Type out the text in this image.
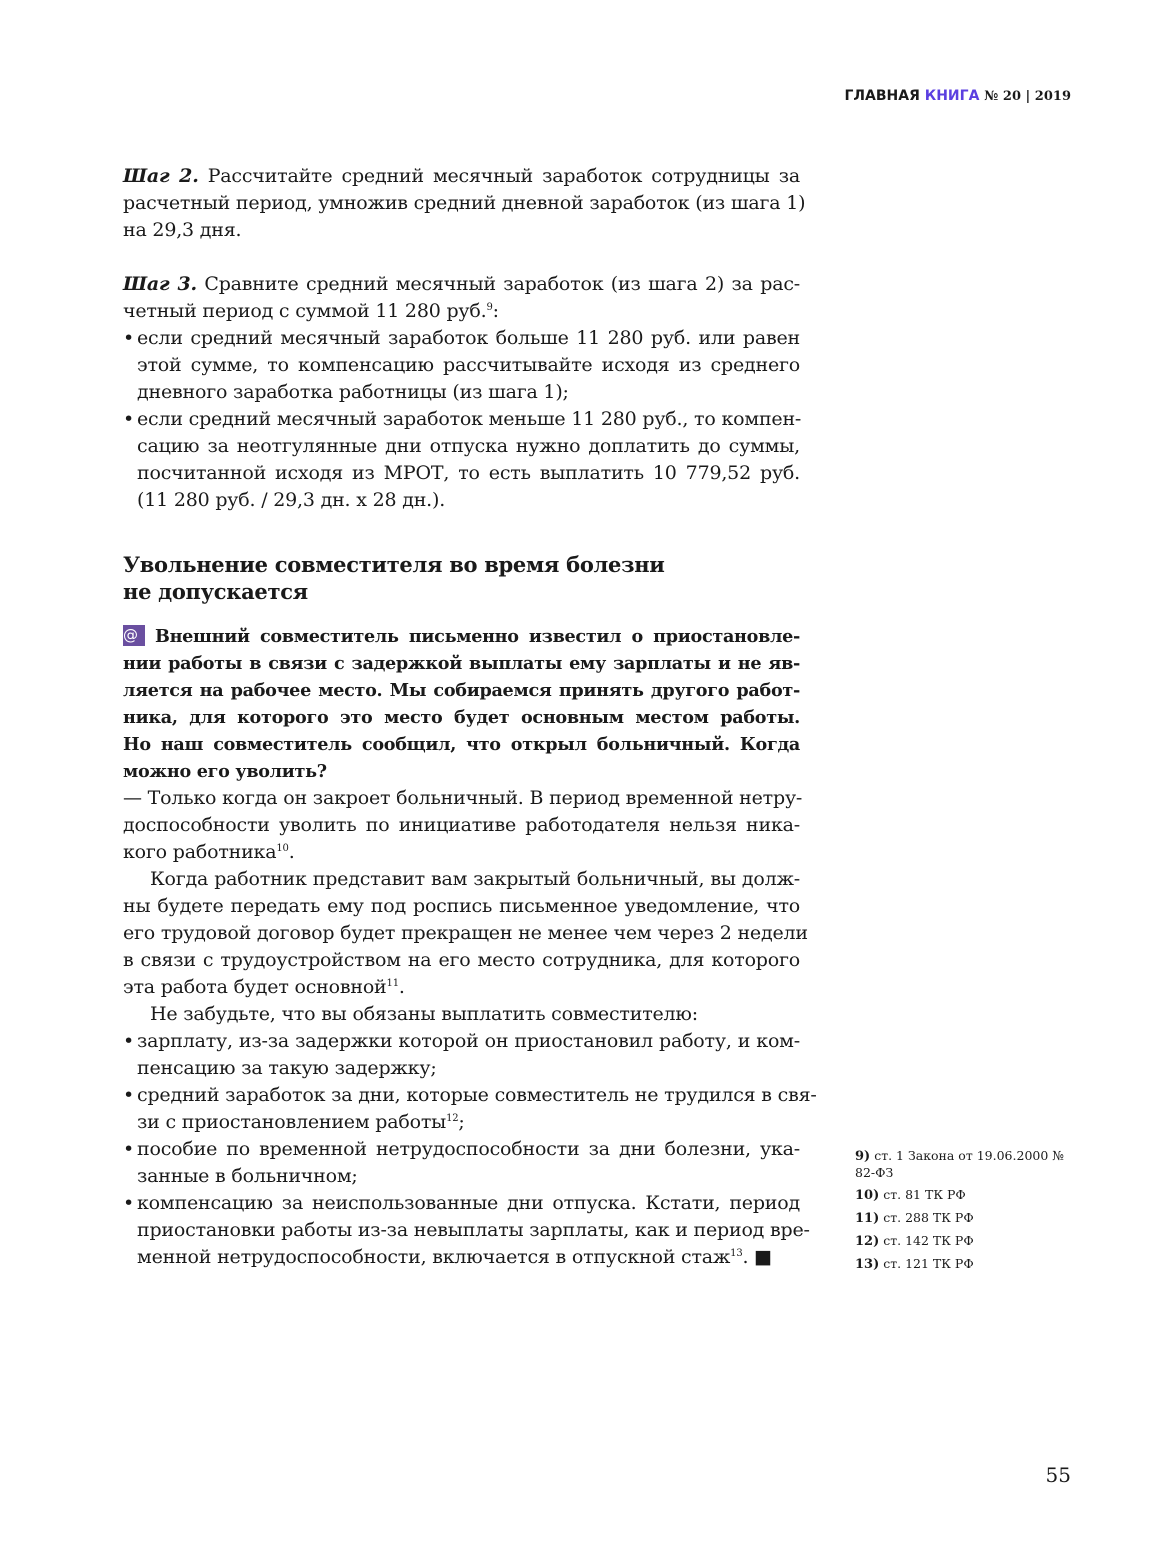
ГЛАВНАЯ КНИГА № 20 | 2019
Шаг 2. Рассчитайте средний месячный заработок сотрудницы за
расчетный период, умножив средний дневной заработок (из шага 1)
на 29,3 дня.
Шаг 3. Сравните средний месячный заработок (из шага 2) за рас-
четный период с суммой 11 280 руб.$^9$:
• если средний месячный заработок больше 11 280 руб. или равен
этой сумме, то компенсацию рассчитывайте исходя из среднего
дневного заработка работницы (из шага 1);
• если средний месячный заработок меньше 11 280 руб., то компен-
сацию за неотгулянные дни отпуска нужно доплатить до суммы,
посчитанной исходя из МРОТ, то есть выплатить 10 779,52 руб.
(11 280 руб. / 29,3 дн. х 28 дн.).
Увольнение совместителя во время болезни
не допускается
@ Внешний совместитель письменно известил о приостановле-
нии работы в связи с задержкой выплаты ему зарплаты и не яв-
ляется на рабочее место. Мы собираемся принять другого работ-
ника, для которого это место будет основным местом работы.
Но наш совместитель сообщил, что открыл больничный. Когда
можно его уволить?
— Только когда он закроет больничный. В период временной нетру-
доспособности уволить по инициативе работодателя нельзя ника-
кого работника$^{10}$.
Когда работник представит вам закрытый больничный, вы долж-
ны будете передать ему под роспись письменное уведомление, что
его трудовой договор будет прекращен не менее чем через 2 недели
в связи с трудоустройством на его место сотрудника, для которого
эта работа будет основной$^{11}$.
Не забудьте, что вы обязаны выплатить совместителю:
• зарплату, из-за задержки которой он приостановил работу, и ком-
пенсацию за такую задержку;
• средний заработок за дни, которые совместитель не трудился в свя-
зи с приостановлением работы$^{12}$;
• пособие по временной нетрудоспособности за дни болезни, ука-
занные в больничном;
• компенсацию за неиспользованные дни отпуска. Кстати, период
приостановки работы из-за невыплаты зарплаты, как и период вре-
менной нетрудоспособности, включается в отпускной стаж$^{13}$. ■
9) ст. 1 Закона от 19.06.2000 № 82-ФЗ
10) ст. 81 ТК РФ
11) ст. 288 ТК РФ
12) ст. 142 ТК РФ
13) ст. 121 ТК РФ
55
